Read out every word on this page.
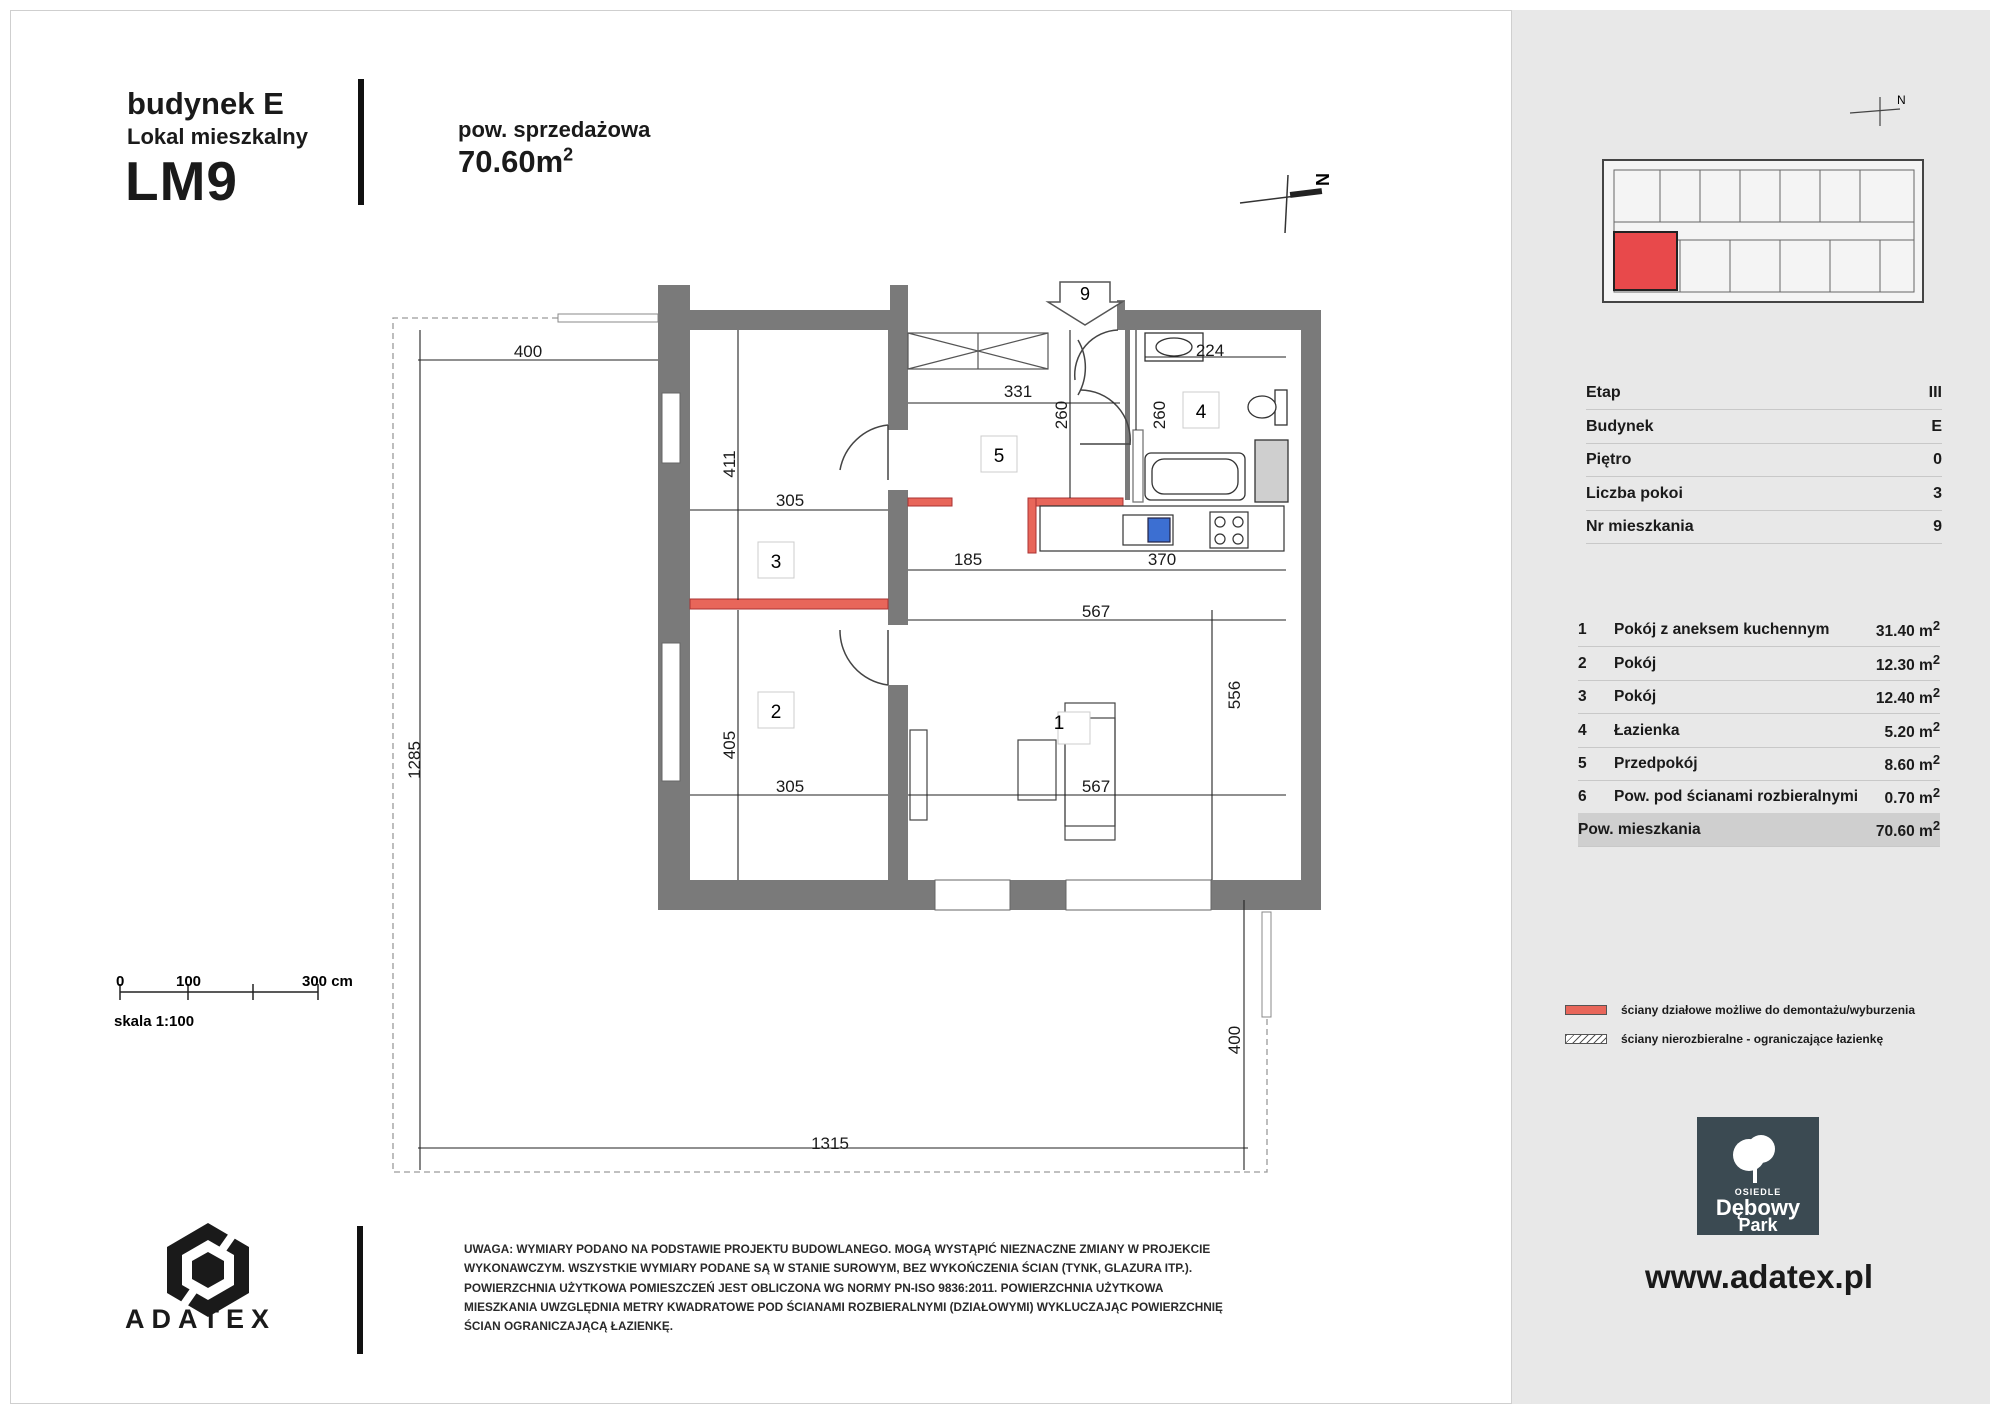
budynek E
Lokal mieszkalny
LM9
pow. sprzedażowa
$70.60m^2$
N
9
400
1285
1315
400
411
305
405
305
331
260
224
260
185	370
567
567
556
1
2
3
4
5
0	100	300 cm
skala 1:100
N
ADATEX
UWAGA: WYMIARY PODANO NA PODSTAWIE PROJEKTU BUDOWLANEGO. MOGĄ WYSTĄPIĆ NIEZNACZNE ZMIANY W PROJEKCIE WYKONAWCZYM. WSZYSTKIE WYMIARY PODANE SĄ W STANIE SUROWYM, BEZ WYKOŃCZENIA ŚCIAN (TYNK, GLAZURA ITP.). POWIERZCHNIA UŻYTKOWA POMIESZCZEŃ JEST OBLICZONA WG NORMY PN-ISO 9836:2011. POWIERZCHNIA UŻYTKOWA MIESZKANIA UWZGLĘDNIA METRY KWADRATOWE POD ŚCIANAMI ROZBIERALNYMI (DZIAŁOWYMI) WYKLUCZAJĄC POWIERZCHNIĘ ŚCIAN OGRANICZAJĄCĄ ŁAZIENKĘ.
Etap	III
Budynek	E
Piętro	0
Liczba pokoi	3
Nr mieszkania	9
1	Pokój z aneksem kuchennym	31.40 $m^2$
2	Pokój	12.30 $m^2$
3	Pokój	12.40 $m^2$
4	Łazienka	5.20 $m^2$
5	Przedpokój	8.60 $m^2$
6	Pow. pod ścianami rozbieralnymi	0.70 $m^2$
Pow. mieszkania	70.60 $m^2$
ściany działowe możliwe do demontażu/wyburzenia
ściany nierozbieralne - ograniczające łazienkę
OSIEDLE
Dębowy
Park
www.adatex.pl
